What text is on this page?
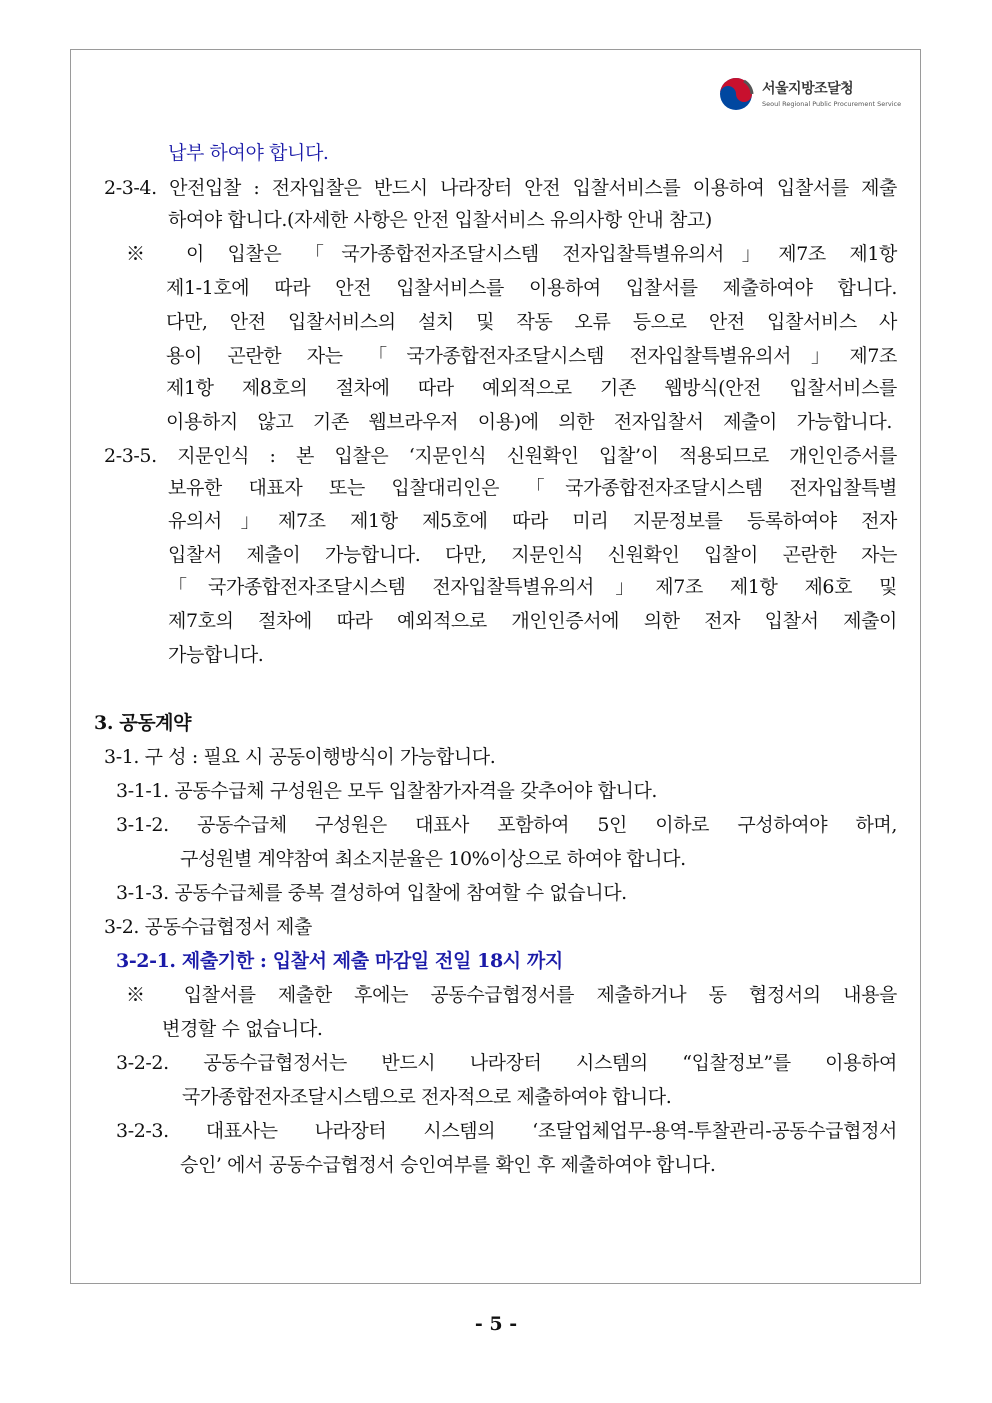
서울지방조달청
Seoul Regional Public Procurement Service
납부 하여야 합니다.
2-3-4. 안전입찰 : 전자입찰은 반드시 나라장터 안전 입찰서비스를 이용하여 입찰서를 제출
하여야 합니다.(자세한 사항은 안전 입찰서비스 유의사항 안내 참고)
※ 이 입찰은 「국가종합전자조달시스템 전자입찰특별유의서」제7조 제1항
제1-1호에 따라 안전 입찰서비스를 이용하여 입찰서를 제출하여야 합니다.
다만, 안전 입찰서비스의 설치 및 작동 오류 등으로 안전 입찰서비스 사
용이 곤란한 자는 「국가종합전자조달시스템 전자입찰특별유의서」제7조
제1항 제8호의 절차에 따라 예외적으로 기존 웹방식(안전 입찰서비스를
이용하지 않고 기존 웹브라우저 이용)에 의한 전자입찰서 제출이 가능합니다.
2-3-5. 지문인식 : 본 입찰은 ‘지문인식 신원확인 입찰’이 적용되므로 개인인증서를
보유한 대표자 또는 입찰대리인은 「국가종합전자조달시스템 전자입찰특별
유의서」제7조 제1항 제5호에 따라 미리 지문정보를 등록하여야 전자
입찰서 제출이 가능합니다. 다만, 지문인식 신원확인 입찰이 곤란한 자는
「국가종합전자조달시스템 전자입찰특별유의서」제7조 제1항 제6호 및
제7호의 절차에 따라 예외적으로 개인인증서에 의한 전자 입찰서 제출이
가능합니다.
3. 공동계약
3-1. 구 성 : 필요 시 공동이행방식이 가능합니다.
3-1-1. 공동수급체 구성원은 모두 입찰참가자격을 갖추어야 합니다.
3-1-2. 공동수급체 구성원은 대표사 포함하여 5인 이하로 구성하여야 하며,
구성원별 계약참여 최소지분율은 10%이상으로 하여야 합니다.
3-1-3. 공동수급체를 중복 결성하여 입찰에 참여할 수 없습니다.
3-2. 공동수급협정서 제출
3-2-1. 제출기한 : 입찰서 제출 마감일 전일 18시 까지
※ 입찰서를 제출한 후에는 공동수급협정서를 제출하거나 동 협정서의 내용을
변경할 수 없습니다.
3-2-2. 공동수급협정서는 반드시 나라장터 시스템의 “입찰정보”를 이용하여
국가종합전자조달시스템으로 전자적으로 제출하여야 합니다.
3-2-3. 대표사는 나라장터 시스템의 ‘조달업체업무-용역-투찰관리-공동수급협정서
승인’ 에서 공동수급협정서 승인여부를 확인 후 제출하여야 합니다.
- 5 -
